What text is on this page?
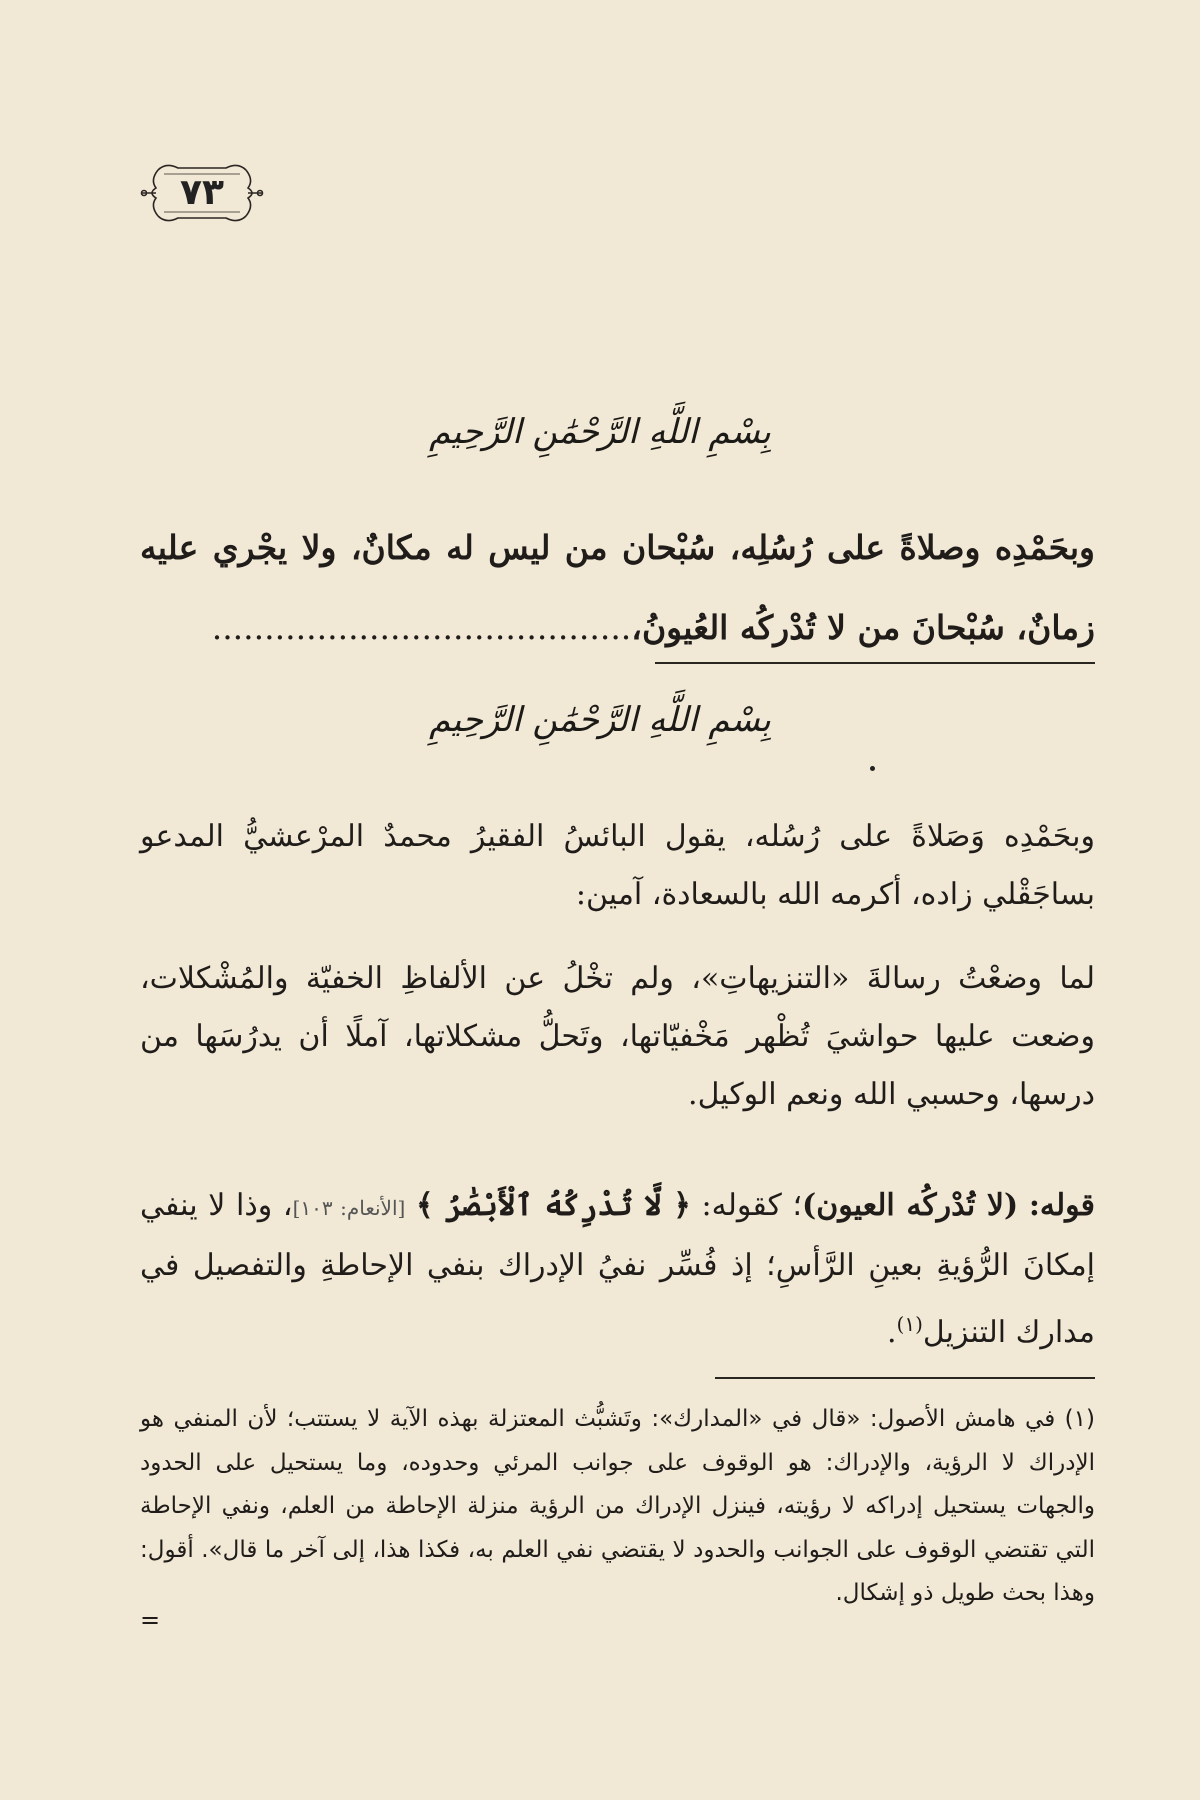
٧٣
بِسْمِ اللَّهِ الرَّحْمَٰنِ الرَّحِيمِ
وبحَمْدِه وصلاةً على رُسُلِه، سُبْحان من ليس له مكانٌ، ولا يجْري عليه زمانٌ، سُبْحانَ من لا تُدْركُه العُيونُ،........................................
بِسْمِ اللَّهِ الرَّحْمَٰنِ الرَّحِيمِ

وبحَمْدِه وَصَلاةً على رُسُله، يقول البائسُ الفقيرُ محمدٌ المرْعشيُّ المدعو بساجَقْلي زاده، أكرمه الله بالسعادة، آمين:

لما وضعْتُ رسالةَ «التنزيهاتِ»، ولم تخْلُ عن الألفاظِ الخفيّة والمُشْكلات، وضعت عليها حواشيَ تُظْهر مَخْفيّاتها، وتَحلُّ مشكلاتها، آملًا أن يدرُسَها من درسها، وحسبي الله ونعم الوكيل.

قوله: (لا تُدْركُه العيون)؛ كقوله: ﴿ لَّا تُدْرِكُهُ ٱلْأَبْصَٰرُ ﴾ [الأنعام: ١٠٣]، وذا لا ينفي إمكانَ الرُّؤيةِ بعينِ الرَّأسِ؛ إذ فُسِّر نفيُ الإدراك بنفي الإحاطةِ والتفصيل في مدارك التنزيل$^{(١)}$.

(١) في هامش الأصول: «قال في «المدارك»: وتَشبُّث المعتزلة بهذه الآية لا يستتب؛ لأن المنفي هو الإدراك لا الرؤية، والإدراك: هو الوقوف على جوانب المرئي وحدوده، وما يستحيل على الحدود والجهات يستحيل إدراكه لا رؤيته، فينزل الإدراك من الرؤية منزلة الإحاطة من العلم، ونفي الإحاطة التي تقتضي الوقوف على الجوانب والحدود لا يقتضي نفي العلم به، فكذا هذا، إلى آخر ما قال». أقول: وهذا بحث طويل ذو إشكال.

=
